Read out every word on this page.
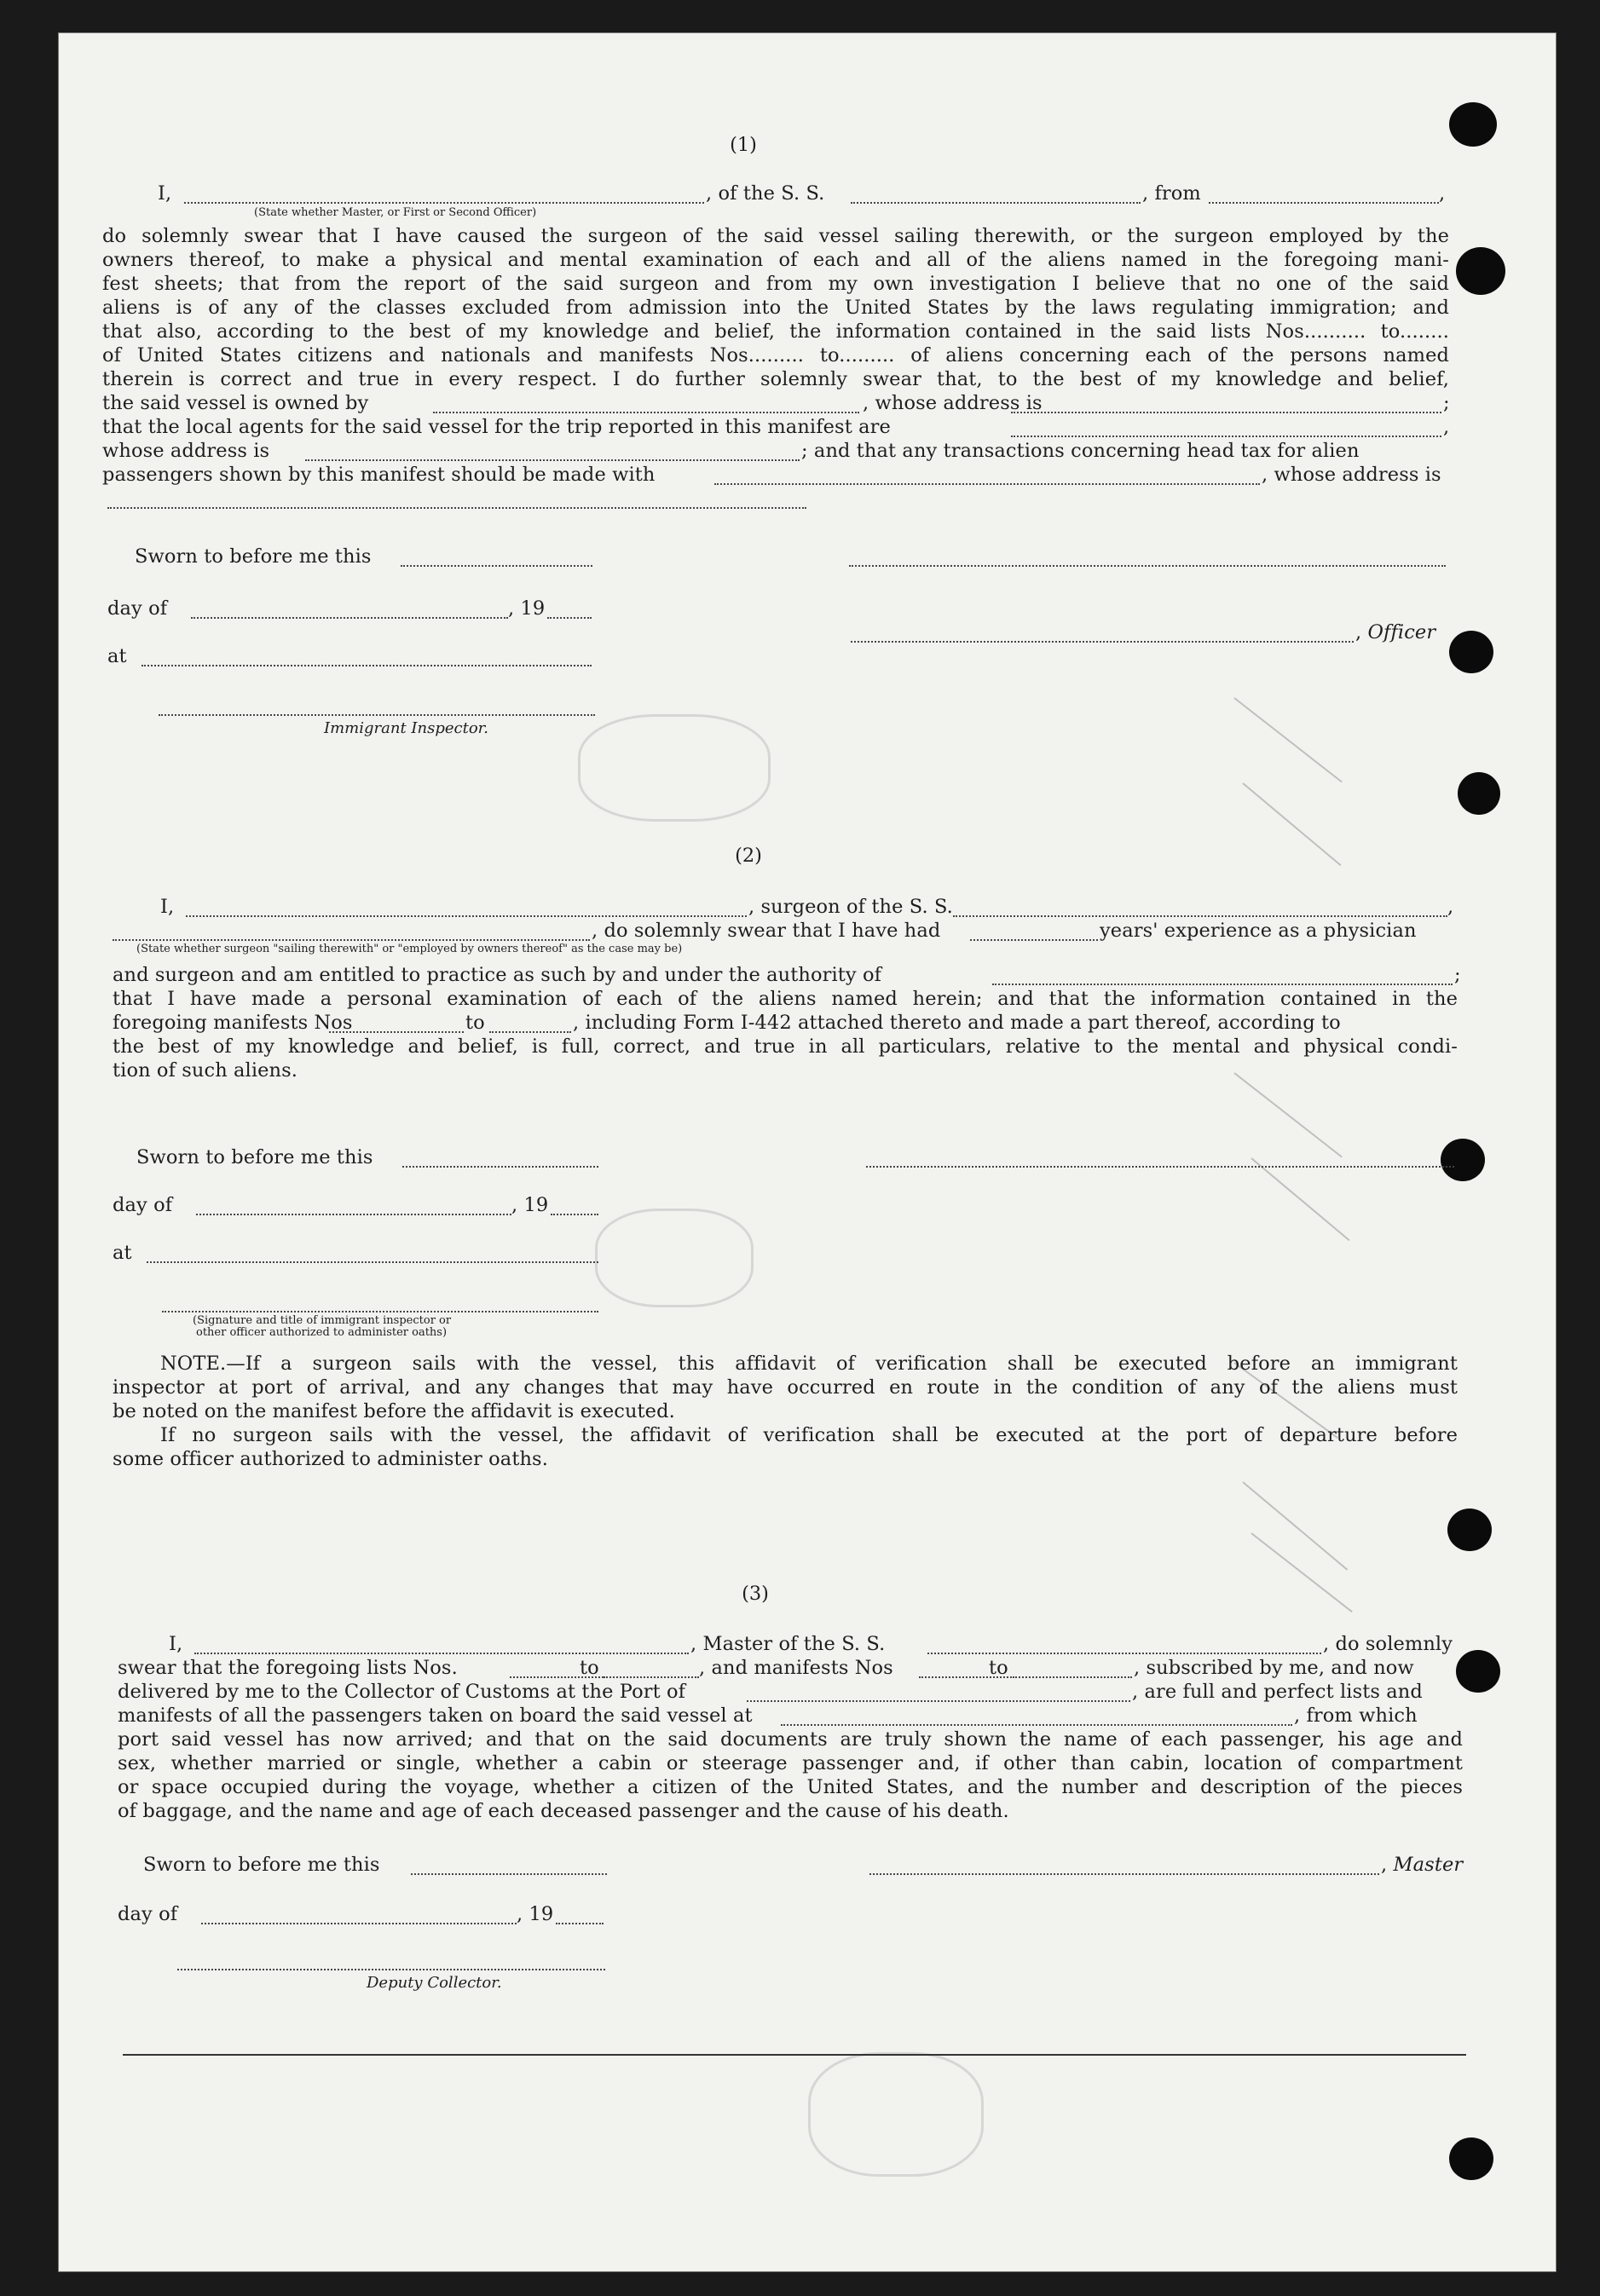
(1)
I,	, of the S. S.	, from	,
(State whether Master, or First or Second Officer)
do solemnly swear that I have caused the surgeon of the said vessel sailing therewith, or the surgeon employed by the
owners thereof, to make a physical and mental examination of each and all of the aliens named in the foregoing mani-
fest sheets; that from the report of the said surgeon and from my own investigation I believe that no one of the said
aliens is of any of the classes excluded from admission into the United States by the laws regulating immigration; and
that also, according to the best of my knowledge and belief, the information contained in the said lists Nos.......... to........
of United States citizens and nationals and manifests Nos......... to......... of aliens concerning each of the persons named
therein is correct and true in every respect. I do further solemnly swear that, to the best of my knowledge and belief,
the said vessel is owned by	, whose address is	;
that the local agents for the said vessel for the trip reported in this manifest are	,
whose address is	; and that any transactions concerning head tax for alien
passengers shown by this manifest should be made with	, whose address is
Sworn to before me this
day of	, 19
, Officer
at
Immigrant Inspector.
(2)
I,	, surgeon of the S. S.	,
, do solemnly swear that I have had	years' experience as a physician
(State whether surgeon "sailing therewith" or "employed by owners thereof" as the case may be)
and surgeon and am entitled to practice as such by and under the authority of	;
that I have made a personal examination of each of the aliens named herein; and that the information contained in the
foregoing manifests Nos	to	, including Form I-442 attached thereto and made a part thereof, according to
the best of my knowledge and belief, is full, correct, and true in all particulars, relative to the mental and physical condi-
tion of such aliens.
Sworn to before me this
day of	, 19
at
(Signature and title of immigrant inspector or
other officer authorized to administer oaths)
NOTE.—If a surgeon sails with the vessel, this affidavit of verification shall be executed before an immigrant
inspector at port of arrival, and any changes that may have occurred en route in the condition of any of the aliens must
be noted on the manifest before the affidavit is executed.
If no surgeon sails with the vessel, the affidavit of verification shall be executed at the port of departure before
some officer authorized to administer oaths.
(3)
I,	, Master of the S. S.	, do solemnly
swear that the foregoing lists Nos.	to	, and manifests Nos	to	, subscribed by me, and now
delivered by me to the Collector of Customs at the Port of	, are full and perfect lists and
manifests of all the passengers taken on board the said vessel at	, from which
port said vessel has now arrived; and that on the said documents are truly shown the name of each passenger, his age and
sex, whether married or single, whether a cabin or steerage passenger and, if other than cabin, location of compartment
or space occupied during the voyage, whether a citizen of the United States, and the number and description of the pieces
of baggage, and the name and age of each deceased passenger and the cause of his death.
Sworn to before me this	, Master
day of	, 19
Deputy Collector.
